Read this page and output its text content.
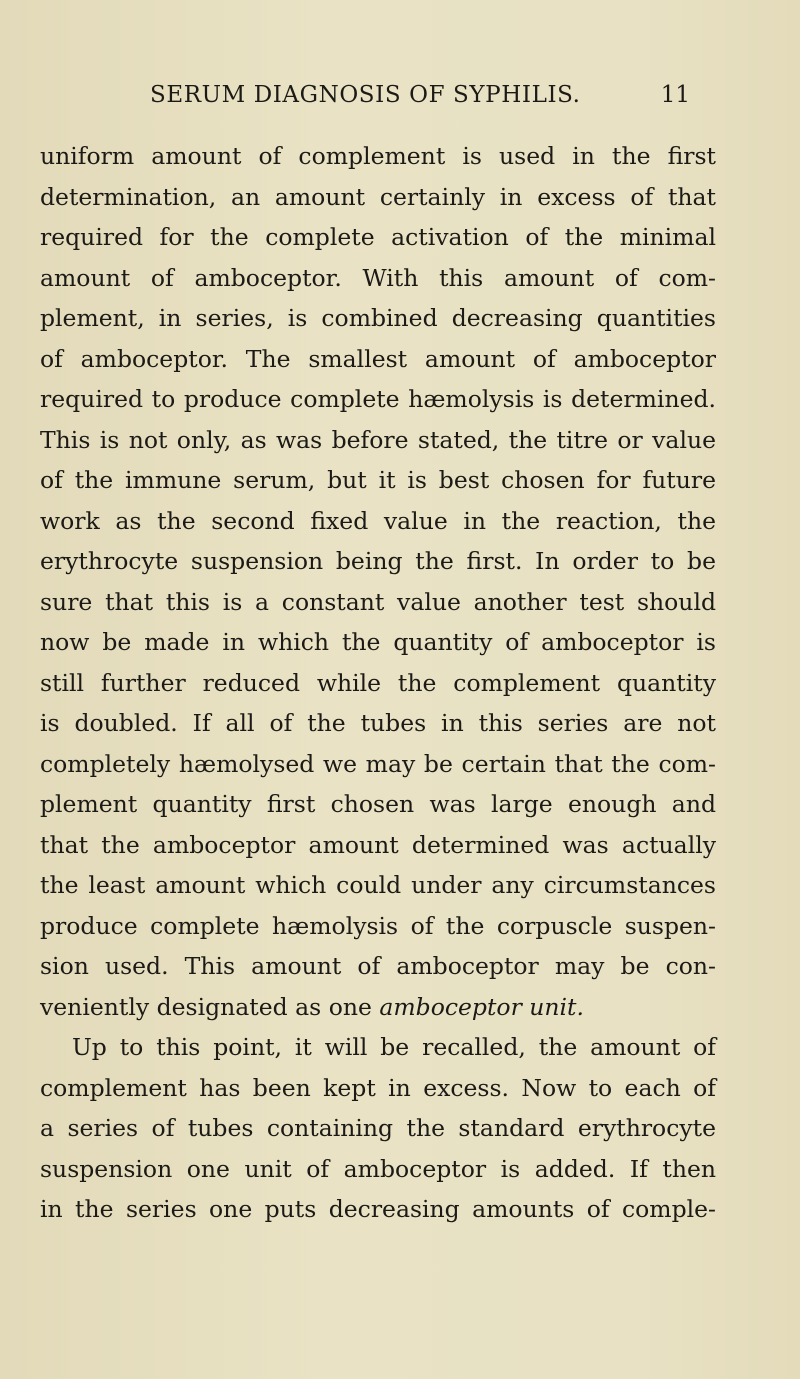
SERUM DIAGNOSIS OF SYPHILIS.	11
uniform amount of complement is used in the first
determination, an amount certainly in excess of that
required for the complete activation of the minimal
amount of amboceptor. With this amount of com-
plement, in series, is combined decreasing quantities
of amboceptor. The smallest amount of amboceptor
required to produce complete hæmolysis is determined.
This is not only, as was before stated, the titre or value
of the immune serum, but it is best chosen for future
work as the second fixed value in the reaction, the
erythrocyte suspension being the first. In order to be
sure that this is a constant value another test should
now be made in which the quantity of amboceptor is
still further reduced while the complement quantity
is doubled. If all of the tubes in this series are not
completely hæmolysed we may be certain that the com-
plement quantity first chosen was large enough and
that the amboceptor amount determined was actually
the least amount which could under any circumstances
produce complete hæmolysis of the corpuscle suspen-
sion used. This amount of amboceptor may be con-
veniently designated as one amboceptor unit.
Up to this point, it will be recalled, the amount of
complement has been kept in excess. Now to each of
a series of tubes containing the standard erythrocyte
suspension one unit of amboceptor is added. If then
in the series one puts decreasing amounts of comple-
